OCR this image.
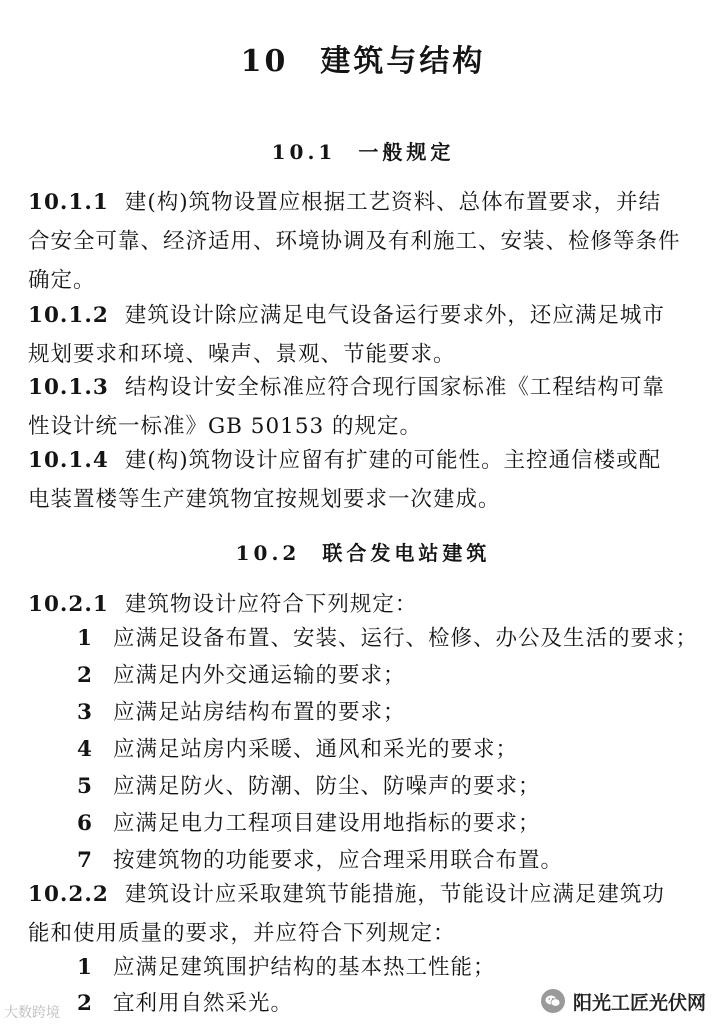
10 建筑与结构
10.1 一般规定
10.1.1 建(构)筑物设置应根据工艺资料、总体布置要求，并结
合安全可靠、经济适用、环境协调及有利施工、安装、检修等条件
确定。
10.1.2 建筑设计除应满足电气设备运行要求外，还应满足城市
规划要求和环境、噪声、景观、节能要求。
10.1.3 结构设计安全标准应符合现行国家标准《工程结构可靠
性设计统一标准》GB 50153 的规定。
10.1.4 建(构)筑物设计应留有扩建的可能性。主控通信楼或配
电装置楼等生产建筑物宜按规划要求一次建成。
10.2 联合发电站建筑
10.2.1 建筑物设计应符合下列规定：
1 应满足设备布置、安装、运行、检修、办公及生活的要求；
2 应满足内外交通运输的要求；
3 应满足站房结构布置的要求；
4 应满足站房内采暖、通风和采光的要求；
5 应满足防火、防潮、防尘、防噪声的要求；
6 应满足电力工程项目建设用地指标的要求；
7 按建筑物的功能要求，应合理采用联合布置。
10.2.2 建筑设计应采取建筑节能措施，节能设计应满足建筑功
能和使用质量的要求，并应符合下列规定：
1 应满足建筑围护结构的基本热工性能；
2 宜利用自然采光。
大数跨境	阳光工匠光伏网
